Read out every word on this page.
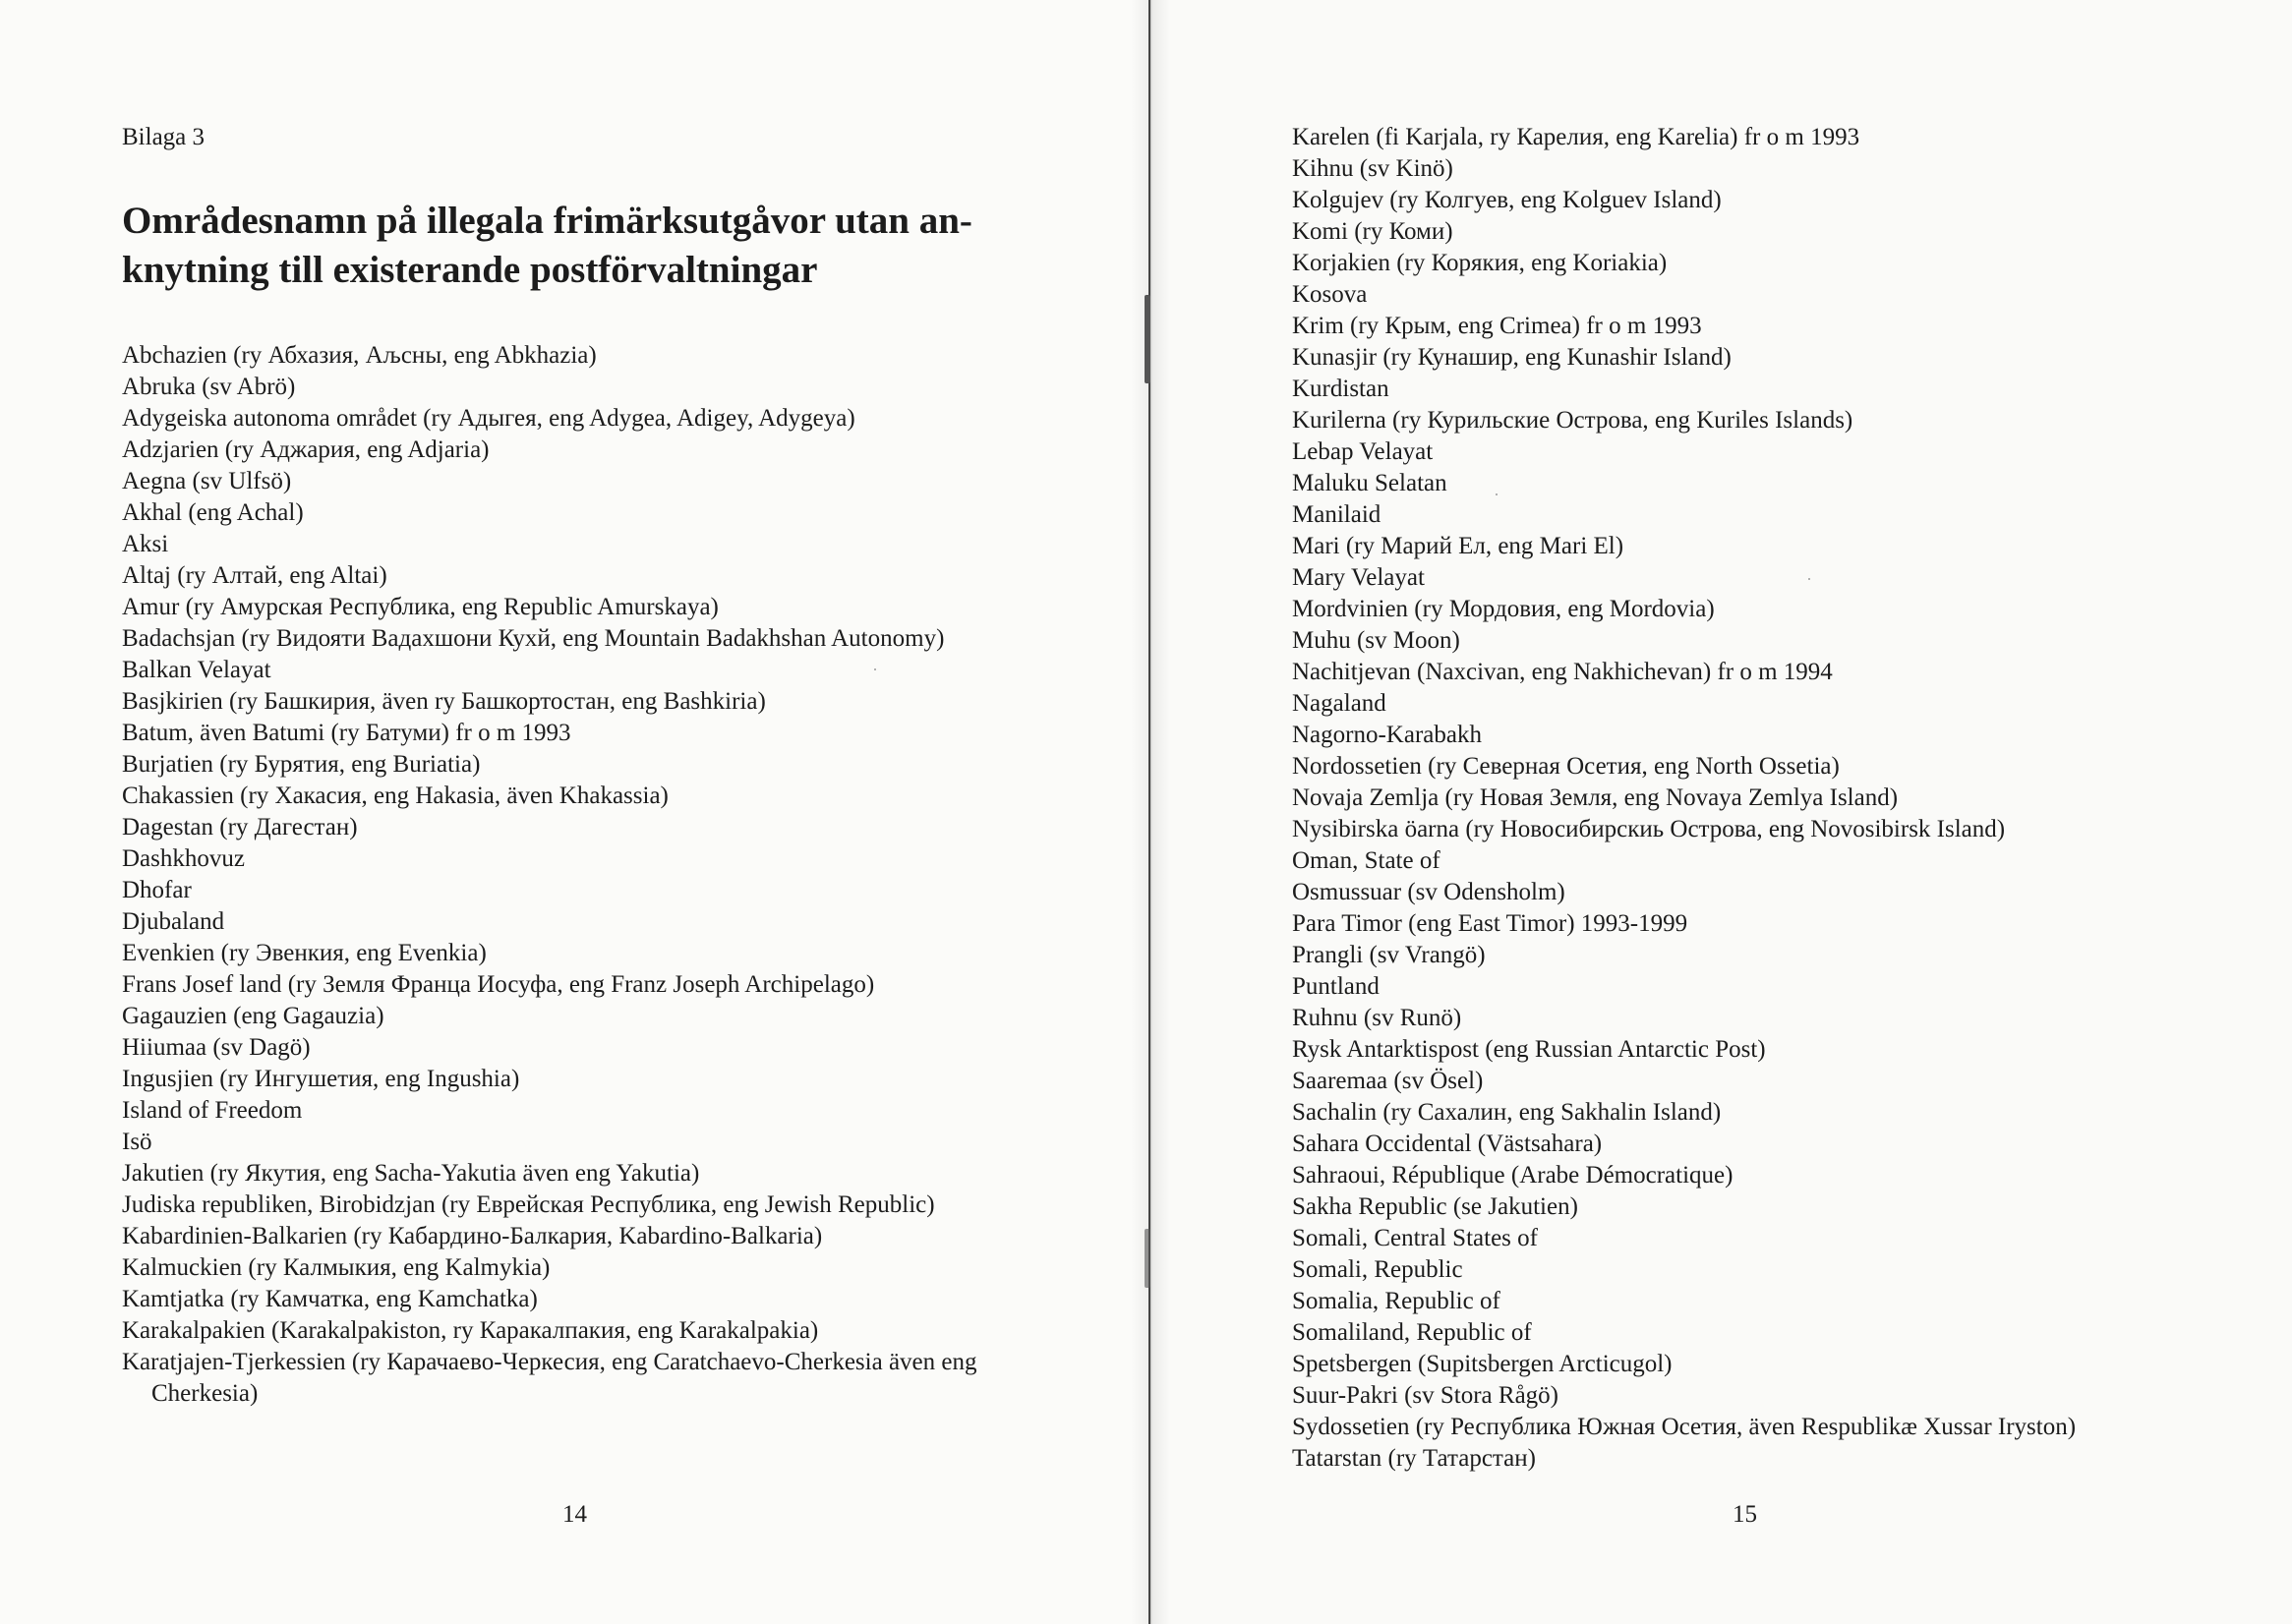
Bilaga 3
Områdesnamn på illegala frimärksutgåvor utan an-knytning till existerande postförvaltningar
Abchazien (ry Абхазия, Аљсны, eng Abkhazia)
Abruka (sv Abrö)
Adygeiska autonoma området (ry Адыгея, eng Adygea, Adigey, Adygeya)
Adzjarien (ry Аджария, eng Adjaria)
Aegna (sv Ulfsö)
Akhal (eng Achal)
Aksi
Altaj (ry Алтай, eng Altai)
Amur (ry Амурская Республика, eng Republic Amurskaya)
Badachsjan (ry Видояти Вадахшони Кухй, eng Mountain Badakhshan Autonomy)
Balkan Velayat
Basjkirien (ry Башкирия, även ry Башкортостан, eng Bashkiria)
Batum, även Batumi (ry Батуми) fr o m 1993
Burjatien (ry Бурятия, eng Buriatia)
Chakassien (ry Хакасия, eng Hakasia, även Khakassia)
Dagestan (ry Дагестан)
Dashkhovuz
Dhofar
Djubaland
Evenkien (ry Эвенкия, eng Evenkia)
Frans Josef land (ry Земля Франца Иосуфа, eng Franz Joseph Archipelago)
Gagauzien (eng Gagauzia)
Hiiumaa (sv Dagö)
Ingusjien (ry Ингушетия, eng Ingushia)
Island of Freedom
Isö
Jakutien (ry Якутия, eng Sacha-Yakutia även eng Yakutia)
Judiska republiken, Birobidzjan (ry Еврейская Республика, eng Jewish Republic)
Kabardinien-Balkarien (ry Кабардино-Балкария, Kabardino-Balkaria)
Kalmuckien (ry Калмыкия, eng Kalmykia)
Kamtjatka (ry Камчатка, eng Kamchatka)
Karakalpakien (Karakalpakiston, ry Каракалпакия, eng Karakalpakia)
Karatjajen-Tjerkessien (ry Карачаево-Черкесия, eng Caratchaevo-Cherkesia även eng Cherkesia)
14	15
Karelen (fi Karjala, ry Карелия, eng Karelia) fr o m 1993
Kihnu (sv Kinö)
Kolgujev (ry Колгуев, eng Kolguev Island)
Komi (ry Коми)
Korjakien (ry Корякия, eng Koriakia)
Kosova
Krim (ry Крым, eng Crimea) fr o m 1993
Kunasjir (ry Кунашир, eng Kunashir Island)
Kurdistan
Kurilerna (ry Курильские Острова, eng Kuriles Islands)
Lebap Velayat
Maluku Selatan
Manilaid
Mari (ry Марий Ел, eng Mari El)
Mary Velayat
Mordvinien (ry Мордовия, eng Mordovia)
Muhu (sv Moon)
Nachitjevan (Naxcivan, eng Nakhichevan) fr o m 1994
Nagaland
Nagorno-Karabakh
Nordossetien (ry Северная Осетия, eng North Ossetia)
Novaja Zemlja (ry Новая Земля, eng Novaya Zemlya Island)
Nysibirska öarna (ry Новосибирскиь Острова, eng Novosibirsk Island)
Oman, State of
Osmussuar (sv Odensholm)
Para Timor (eng East Timor) 1993-1999
Prangli (sv Vrangö)
Puntland
Ruhnu (sv Runö)
Rysk Antarktispost (eng Russian Antarctic Post)
Saaremaa (sv Ösel)
Sachalin (ry Сахалин, eng Sakhalin Island)
Sahara Occidental (Västsahara)
Sahraoui, République (Arabe Démocratique)
Sakha Republic (se Jakutien)
Somali, Central States of
Somali, Republic
Somalia, Republic of
Somaliland, Republic of
Spetsbergen (Supitsbergen Arcticugol)
Suur-Pakri (sv Stora Rågö)
Sydossetien (ry Республика Южная Осетия, även Respublikæ Xussar Iryston)
Tatarstan (ry Татарстан)
